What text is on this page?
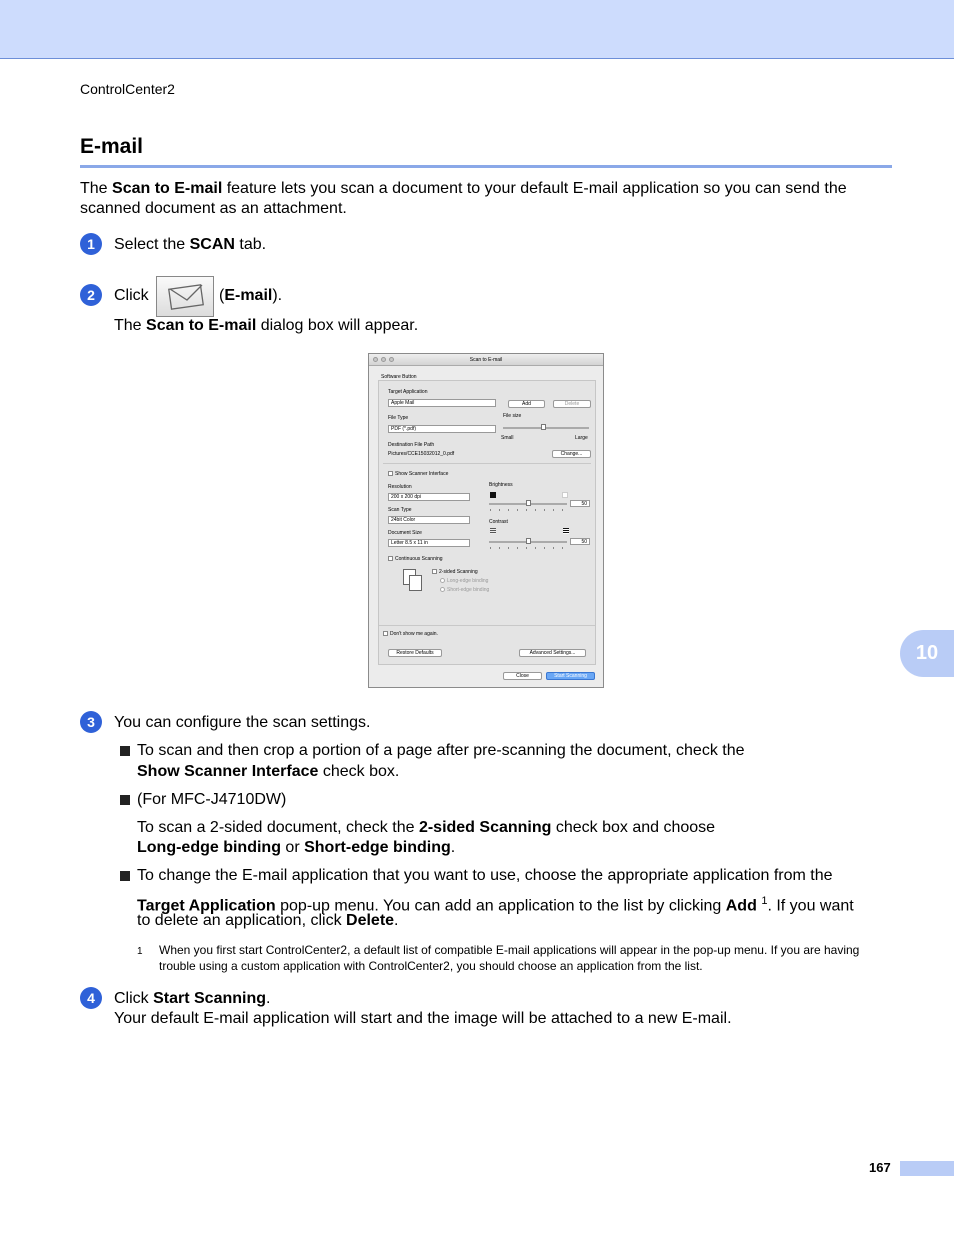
ControlCenter2
E-mail
The Scan to E-mail feature lets you scan a document to your default E-mail application so you can send the
scanned document as an attachment.
1	Select the SCAN tab.
2	Click	(E-mail).
The Scan to E-mail dialog box will appear.
Scan to E-mail
Software Button
Target Application
Apple Mail	Add	Delete
File Type
PDF (*.pdf)
File size
Small	Large
Destination File Path
Pictures/CCE15032012_0.pdf	Change...
Show Scanner Interface
Resolution
200 x 200 dpi
Scan Type
24bit Color
Document Size
Letter 8.5 x 11 in
Brightness
50
Contrast
50
Continuous Scanning
2-sided Scanning
Long-edge binding
Short-edge binding
Don't show me again.
Restore Defaults	Advanced Settings...
Close	Start Scanning
10
3	You can configure the scan settings.
To scan and then crop a portion of a page after pre-scanning the document, check the
Show Scanner Interface check box.
(For MFC-J4710DW)
To scan a 2-sided document, check the 2-sided Scanning check box and choose
Long-edge binding or Short-edge binding.
To change the E-mail application that you want to use, choose the appropriate application from the
Target Application pop-up menu. You can add an application to the list by clicking Add $^1$. If you want
to delete an application, click Delete.
1 When you first start ControlCenter2, a default list of compatible E-mail applications will appear in the pop-up menu. If you are having
trouble using a custom application with ControlCenter2, you should choose an application from the list.
4	Click Start Scanning.
Your default E-mail application will start and the image will be attached to a new E-mail.
167
